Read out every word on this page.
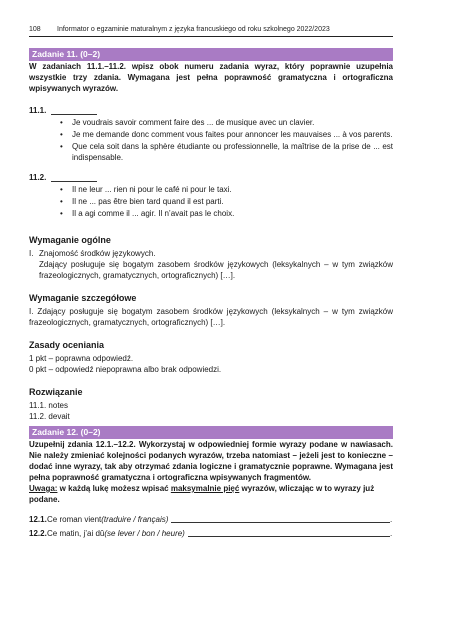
108	Informator o egzaminie maturalnym z języka francuskiego od roku szkolnego 2022/2023
Zadanie 11. (0–2)
W zadaniach 11.1.–11.2. wpisz obok numeru zadania wyraz, który poprawnie uzupełnia wszystkie trzy zdania. Wymagana jest pełna poprawność gramatyczna i ortograficzna wpisywanych wyrazów.
11.1.
• Je voudrais savoir comment faire des ... de musique avec un clavier.
• Je me demande donc comment vous faites pour annoncer les mauvaises ... à vos parents.
• Que cela soit dans la sphère étudiante ou professionnelle, la maîtrise de la prise de ... est indispensable.
11.2.
• Il ne leur ... rien ni pour le café ni pour le taxi.
• Il ne ... pas être bien tard quand il est parti.
• Il a agi comme il ... agir. Il n’avait pas le choix.
Wymaganie ogólne
I. Znajomość środków językowych.
Zdający posługuje się bogatym zasobem środków językowych (leksykalnych – w tym związków frazeologicznych, gramatycznych, ortograficznych) […].
Wymaganie szczegółowe
I. Zdający posługuje się bogatym zasobem środków językowych (leksykalnych – w tym związków frazeologicznych, gramatycznych, ortograficznych) […].
Zasady oceniania
1 pkt – poprawna odpowiedź.
0 pkt – odpowiedź niepoprawna albo brak odpowiedzi.
Rozwiązanie
11.1. notes
11.2. devait
Zadanie 12. (0–2)
Uzupełnij zdania 12.1.–12.2. Wykorzystaj w odpowiedniej formie wyrazy podane w nawiasach. Nie należy zmieniać kolejności podanych wyrazów, trzeba natomiast – jeżeli jest to konieczne – dodać inne wyrazy, tak aby otrzymać zdania logiczne i gramatycznie poprawne. Wymagana jest pełna poprawność gramatyczna i ortograficzna wpisywanych fragmentów.
Uwaga: w każdą lukę możesz wpisać maksymalnie pięć wyrazów, wliczając w to wyrazy już podane.
12.1. Ce roman vient (traduire / français)	.
12.2. Ce matin, j’ai dû (se lever / bon / heure)	.
